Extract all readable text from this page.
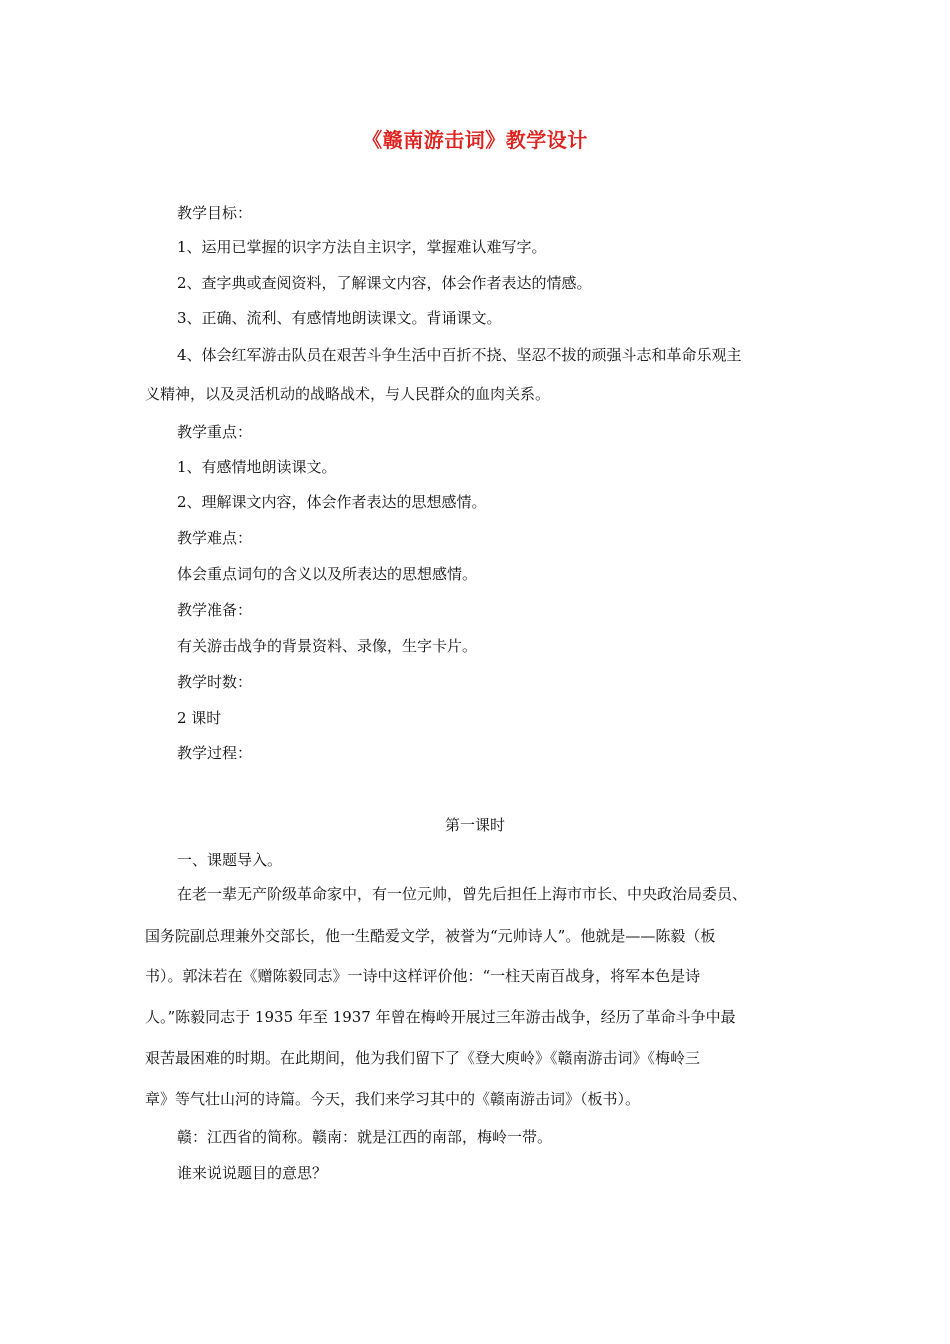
《赣南游击词》教学设计
教学目标：
1、运用已掌握的识字方法自主识字，掌握难认难写字。
2、查字典或查阅资料，了解课文内容，体会作者表达的情感。
3、正确、流利、有感情地朗读课文。背诵课文。
4、体会红军游击队员在艰苦斗争生活中百折不挠、坚忍不拔的顽强斗志和革命乐观主
义精神，以及灵活机动的战略战术，与人民群众的血肉关系。
教学重点：
1、有感情地朗读课文。
2、理解课文内容，体会作者表达的思想感情。
教学难点：
体会重点词句的含义以及所表达的思想感情。
教学准备：
有关游击战争的背景资料、录像，生字卡片。
教学时数：
2 课时
教学过程：
第一课时
一、课题导入。
在老一辈无产阶级革命家中，有一位元帅，曾先后担任上海市市长、中央政治局委员、
国务院副总理兼外交部长，他一生酷爱文学，被誉为“元帅诗人”。他就是——陈毅（板
书）。郭沫若在《赠陈毅同志》一诗中这样评价他：“一柱天南百战身，将军本色是诗
人。”陈毅同志于 1935 年至 1937 年曾在梅岭开展过三年游击战争，经历了革命斗争中最
艰苦最困难的时期。在此期间，他为我们留下了《登大庾岭》《赣南游击词》《梅岭三
章》等气壮山河的诗篇。今天，我们来学习其中的《赣南游击词》（板书）。
赣：江西省的简称。赣南：就是江西的南部，梅岭一带。
谁来说说题目的意思？
